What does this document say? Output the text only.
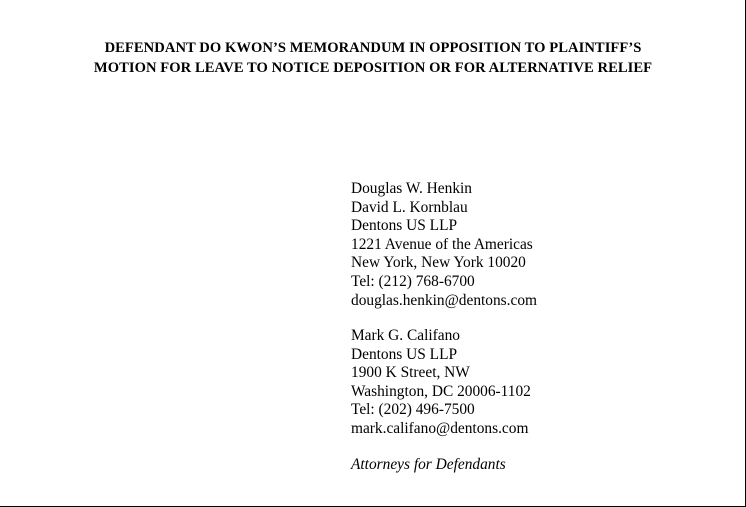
DEFENDANT DO KWON’S MEMORANDUM IN OPPOSITION TO PLAINTIFF’S
MOTION FOR LEAVE TO NOTICE DEPOSITION OR FOR ALTERNATIVE RELIEF
Douglas W. Henkin
David L. Kornblau
Dentons US LLP
1221 Avenue of the Americas
New York, New York 10020
Tel: (212) 768-6700
douglas.henkin@dentons.com
Mark G. Califano
Dentons US LLP
1900 K Street, NW
Washington, DC 20006-1102
Tel: (202) 496-7500
mark.califano@dentons.com
Attorneys for Defendants
